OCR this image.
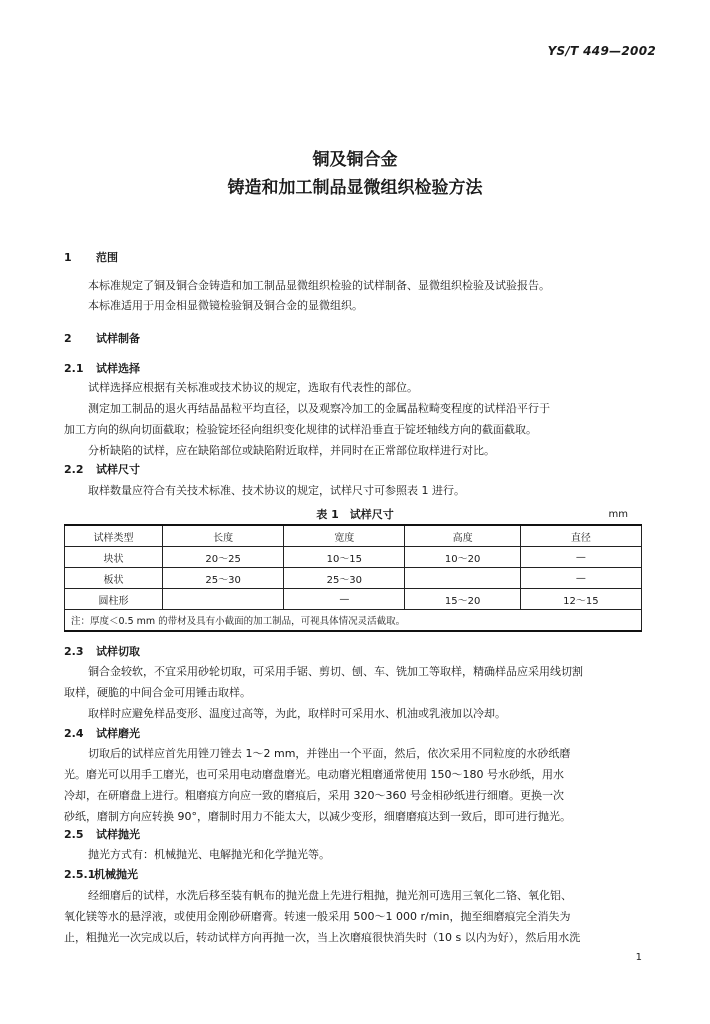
YS/T 449—2002
铜及铜合金
铸造和加工制品显微组织检验方法
1 范围
本标准规定了铜及铜合金铸造和加工制品显微组织检验的试样制备、显微组织检验及试验报告。
本标准适用于用金相显微镜检验铜及铜合金的显微组织。
2 试样制备
2.1 试样选择
试样选择应根据有关标准或技术协议的规定，选取有代表性的部位。
测定加工制品的退火再结晶晶粒平均直径，以及观察冷加工的金属晶粒畸变程度的试样沿平行于
加工方向的纵向切面截取；检验锭坯径向组织变化规律的试样沿垂直于锭坯轴线方向的截面截取。
分析缺陷的试样，应在缺陷部位或缺陷附近取样，并同时在正常部位取样进行对比。
2.2 试样尺寸
取样数量应符合有关技术标准、技术协议的规定，试样尺寸可参照表 1 进行。
表 1　试样尺寸	mm
试样类型	长度	宽度	高度	直径
块状	20～25	10～15	10～20	—
板状	25～30	25～30		—
圆柱形		—	15～20	12～15
注：厚度＜0.5 mm 的带材及具有小截面的加工制品，可视具体情况灵活截取。				
2.3 试样切取
铜合金较软，不宜采用砂轮切取，可采用手锯、剪切、刨、车、铣加工等取样，精确样品应采用线切割
取样，硬脆的中间合金可用锤击取样。
取样时应避免样品变形、温度过高等，为此，取样时可采用水、机油或乳液加以冷却。
2.4 试样磨光
切取后的试样应首先用锉刀锉去 1～2 mm，并锉出一个平面，然后，依次采用不同粒度的水砂纸磨
光。磨光可以用手工磨光，也可采用电动磨盘磨光。电动磨光粗磨通常使用 150～180 号水砂纸，用水
冷却，在研磨盘上进行。粗磨痕方向应一致的磨痕后，采用 320～360 号金相砂纸进行细磨。更换一次
砂纸，磨制方向应转换 90°，磨制时用力不能太大，以减少变形，细磨磨痕达到一致后，即可进行抛光。
2.5 试样抛光
抛光方式有：机械抛光、电解抛光和化学抛光等。
2.5.1机械抛光
经细磨后的试样，水洗后移至装有帆布的抛光盘上先进行粗抛，抛光剂可选用三氧化二铬、氧化铝、
氧化镁等水的悬浮液，或使用金刚砂研磨膏。转速一般采用 500～1 000 r/min，抛至细磨痕完全消失为
止，粗抛光一次完成以后，转动试样方向再抛一次，当上次磨痕很快消失时（10 s 以内为好），然后用水洗
1
